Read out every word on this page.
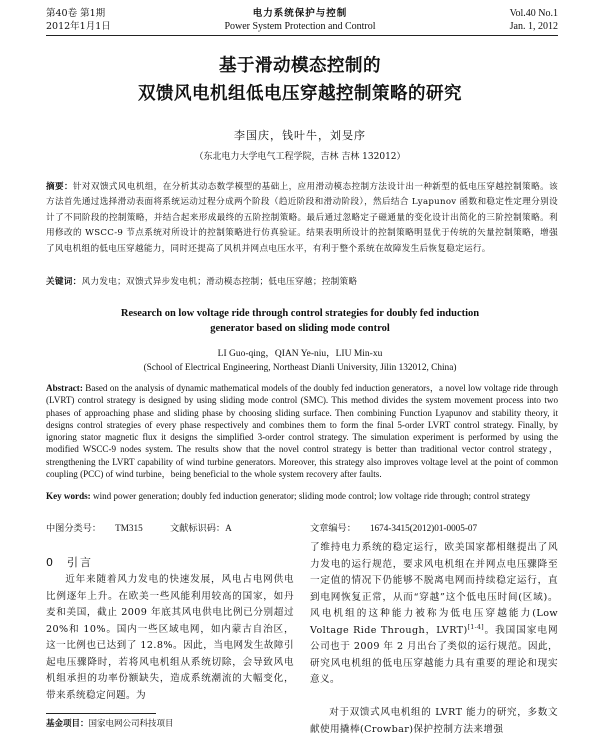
第40卷 第1期
2012年1月1日
电力系统保护与控制
Power System Protection and Control
Vol.40 No.1
Jan. 1, 2012
基于滑动模态控制的
双馈风电机组低电压穿越控制策略的研究
李国庆，钱叶牛，刘旻序
（东北电力大学电气工程学院，吉林 吉林 132012）
摘要：针对双馈式风电机组，在分析其动态数学模型的基础上，应用滑动模态控制方法设计出一种新型的低电压穿越控制策略。该方法首先通过选择滑动表面将系统运动过程分成两个阶段（趋近阶段和滑动阶段），然后结合 Lyapunov 函数和稳定性定理分别设计了不同阶段的控制策略，并结合起来形成最终的五阶控制策略。最后通过忽略定子磁通量的变化设计出简化的三阶控制策略。利用修改的 WSCC-9 节点系统对所设计的控制策略进行仿真验证。结果表明所设计的控制策略明显优于传统的矢量控制策略，增强了风电机组的低电压穿越能力，同时还提高了风机并网点电压水平，有利于整个系统在故障发生后恢复稳定运行。
关键词：风力发电；双馈式异步发电机；滑动模态控制；低电压穿越；控制策略
Research on low voltage ride through control strategies for doubly fed induction
generator based on sliding mode control
LI Guo-qing，QIAN Ye-niu，LIU Min-xu
(School of Electrical Engineering, Northeast Dianli University, Jilin 132012, China)
Abstract: Based on the analysis of dynamic mathematical models of the doubly fed induction generators，a novel low voltage ride through (LVRT) control strategy is designed by using sliding mode control (SMC). This method divides the system movement process into two phases of approaching phase and sliding phase by choosing sliding surface. Then combining Function Lyapunov and stability theory, it designs control strategies of every phase respectively and combines them to form the final 5-order LVRT control strategy. Finally, by ignoring stator magnetic flux it designs the simplified 3-order control strategy. The simulation experiment is performed by using the modified WSCC-9 nodes system. The results show that the novel control strategy is better than traditional vector control strategy，strengthening the LVRT capability of wind turbine generators. Moreover, this strategy also improves voltage level at the point of common coupling (PCC) of wind turbine，being beneficial to the whole system recovery after faults.
Key words: wind power generation; doubly fed induction generator; sliding mode control; low voltage ride through; control strategy
中图分类号： TM315	文献标识码：A	文章编号： 1674-3415(2012)01-0005-07
0 引言
近年来随着风力发电的快速发展，风电占电网供电比例逐年上升。在欧美一些风能利用较高的国家，如丹麦和美国，截止 2009 年底其风电供电比例已分别超过 20%和 10%。国内一些区域电网，如内蒙古自治区，这一比例也已达到了 12.8%。因此，当电网发生故障引起电压骤降时，若将风电机组从系统切除，会导致风电机组承担的功率份额缺失，造成系统潮流的大幅变化，带来系统稳定问题。为
基金项目：国家电网公司科技项目
了维持电力系统的稳定运行，欧美国家都相继提出了风力发电的运行规范，要求风电机组在并网点电压骤降至一定值的情况下仍能够不脱离电网而持续稳定运行，直到电网恢复正常，从而“穿越”这个低电压时间(区域)。风电机组的这种能力被称为低电压穿越能力(Low Voltage Ride Through，LVRT)[1-4]。我国国家电网公司也于 2009 年 2 月出台了类似的运行规范。因此，研究风电机组的低电压穿越能力具有重要的理论和现实意义。
对于双馈式风电机组的 LVRT 能力的研究，多数文献使用撬棒(Crowbar)保护控制方法来增强
